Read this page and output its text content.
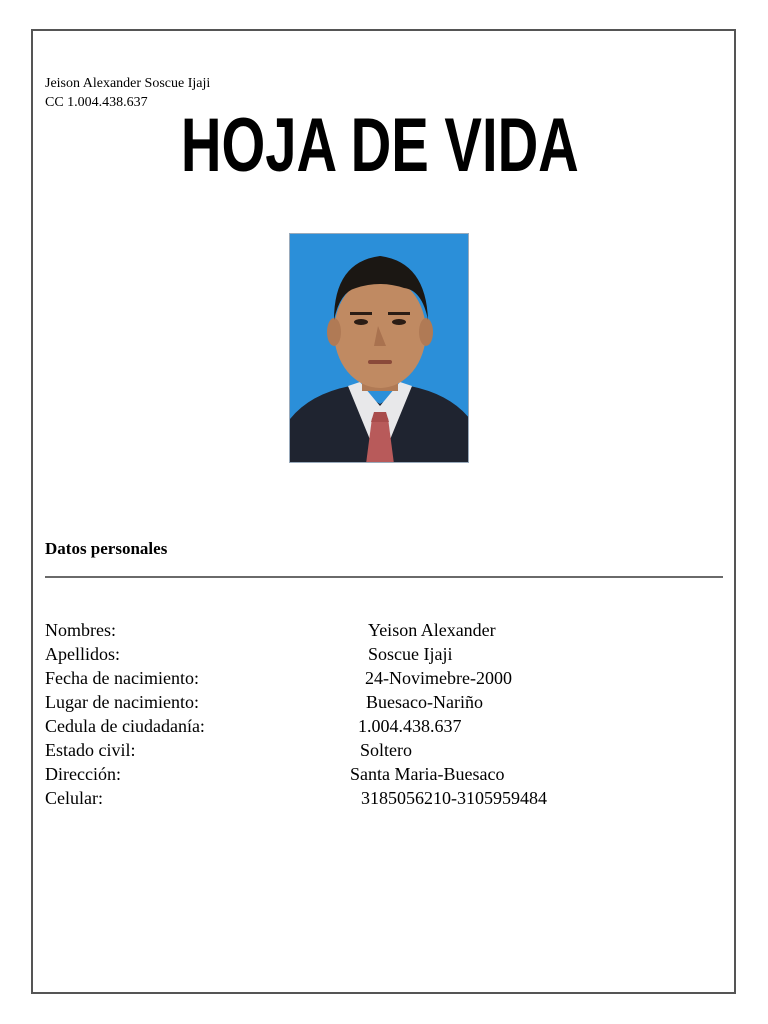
Jeison Alexander Soscue Ijaji
CC 1.004.438.637
HOJA DE VIDA
Datos personales
Nombres:	Yeison Alexander
Apellidos:	Soscue Ijaji
Fecha de nacimiento:	24-Novimebre-2000
Lugar de nacimiento:	Buesaco-Nariño
Cedula de ciudadanía:	1.004.438.637
Estado civil:	Soltero
Dirección:	Santa Maria-Buesaco
Celular:	3185056210-3105959484
